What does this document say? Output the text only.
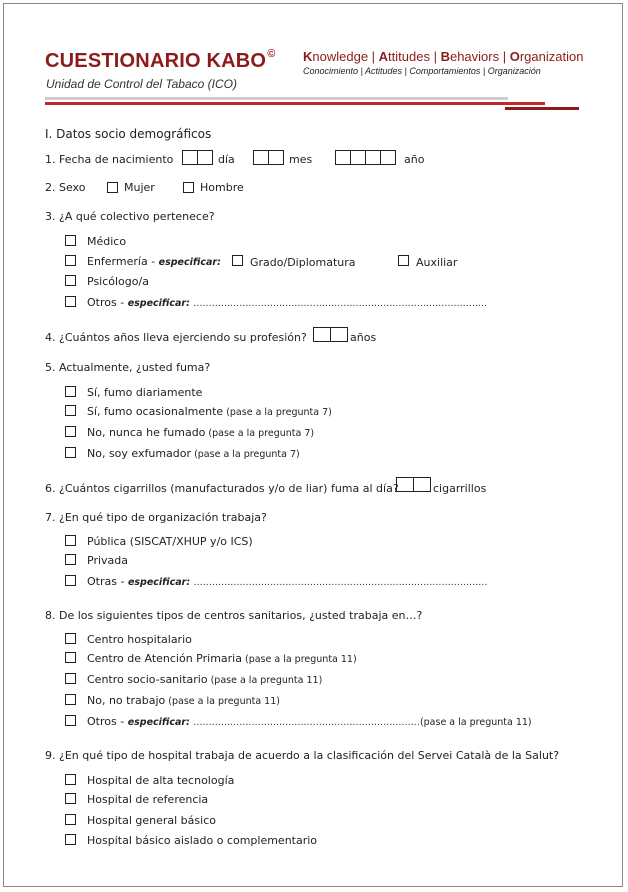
CUESTIONARIO KABO©
Unidad de Control del Tabaco (ICO)
Knowledge | Attitudes | Behaviors | Organization
Conocimiento | Actitudes | Comportamientos | Organización
I. Datos socio demográficos
1. Fecha de nacimiento	día	mes	año
2. Sexo	Mujer	Hombre
3. ¿A qué colectivo pertenece?
Médico
Enfermería - especificar:	Grado/Diplomatura	Auxiliar
Psicólogo/a
Otros - especificar: ................................................................................................
4. ¿Cuántos años lleva ejerciendo su profesión?	años
5. Actualmente, ¿usted fuma?
Sí, fumo diariamente
Sí, fumo ocasionalmente (pase a la pregunta 7)
No, nunca he fumado (pase a la pregunta 7)
No, soy exfumador (pase a la pregunta 7)
6. ¿Cuántos cigarrillos (manufacturados y/o de liar) fuma al día?	cigarrillos
7. ¿En qué tipo de organización trabaja?
Pública (SISCAT/XHUP y/o ICS)
Privada
Otras - especificar: ................................................................................................
8. De los siguientes tipos de centros sanitarios, ¿usted trabaja en…?
Centro hospitalario
Centro de Atención Primaria (pase a la pregunta 11)
Centro socio-sanitario (pase a la pregunta 11)
No, no trabajo (pase a la pregunta 11)
Otros - especificar: ..........................................................................(pase a la pregunta 11)
9. ¿En qué tipo de hospital trabaja de acuerdo a la clasificación del Servei Català de la Salut?
Hospital de alta tecnología
Hospital de referencia
Hospital general básico
Hospital básico aislado o complementario
